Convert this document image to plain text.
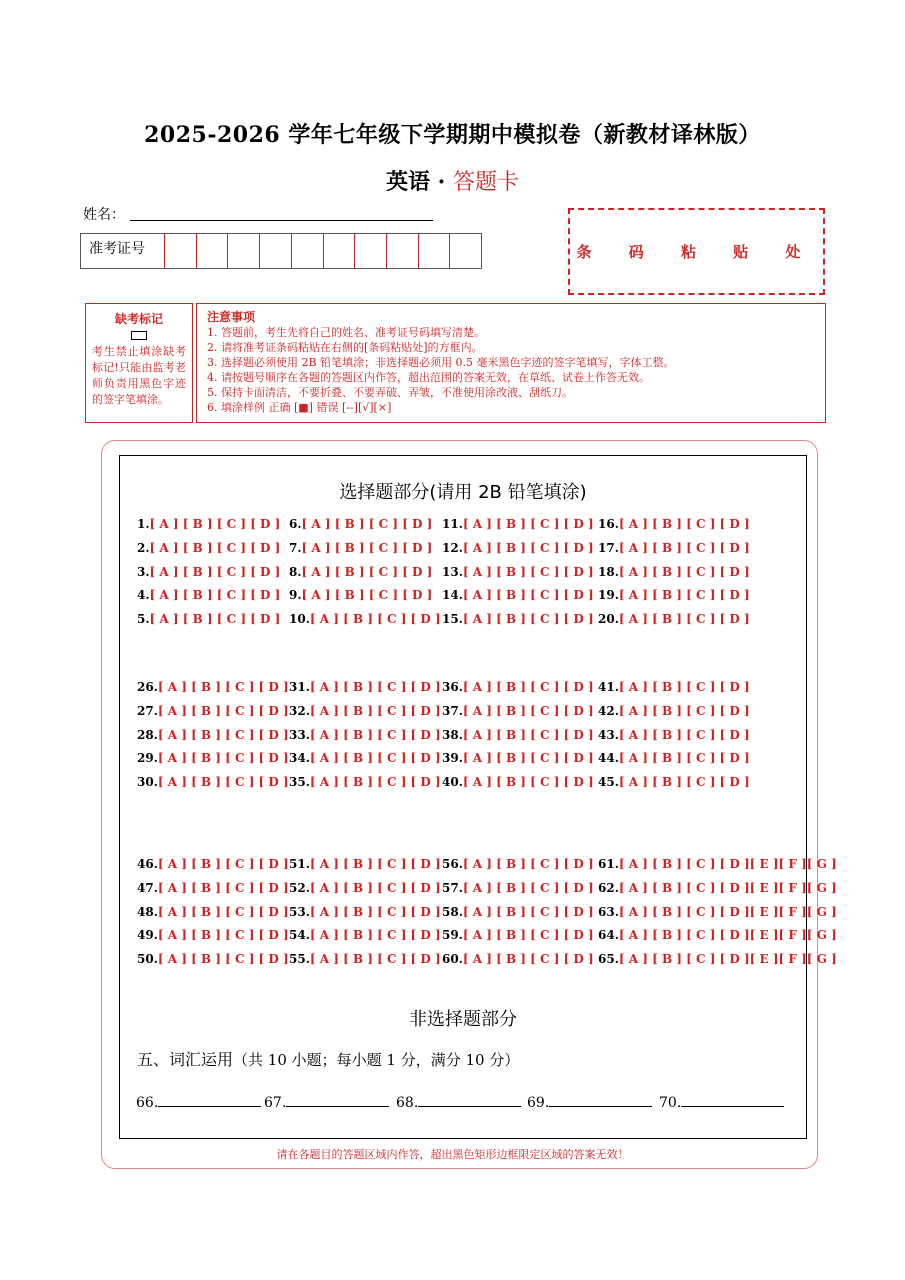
2025-2026 学年七年级下学期期中模拟卷（新教材译林版）
英语 · 答题卡
姓名：
准考证号	条 码 粘 贴 处
缺考标记
考生禁止填涂缺考标记!只能由监考老师负责用黑色字迹的签字笔填涂。
注意事项
1. 答题前，考生先将自己的姓名、准考证号码填写清楚。
2. 请将准考证条码粘贴在右侧的[条码粘贴处]的方框内。
3. 选择题必须使用 2B 铅笔填涂；非选择题必须用 0.5 毫米黑色字迹的签字笔填写，字体工整。
4. 请按题号顺序在各题的答题区内作答，超出范围的答案无效，在草纸、试卷上作答无效。
5. 保持卡面清洁，不要折叠、不要弄破、弄皱，不准使用涂改液、刮纸刀。
6. 填涂样例 正确 [■] 错误 [--][√][×]
选择题部分(请用 2B 铅笔填涂)
1.[ A ] [ B ] [ C ] [ D ]
2.[ A ] [ B ] [ C ] [ D ]
3.[ A ] [ B ] [ C ] [ D ]
4.[ A ] [ B ] [ C ] [ D ]
5.[ A ] [ B ] [ C ] [ D ]
6.[ A ] [ B ] [ C ] [ D ]
7.[ A ] [ B ] [ C ] [ D ]
8.[ A ] [ B ] [ C ] [ D ]
9.[ A ] [ B ] [ C ] [ D ]
10.[ A ] [ B ] [ C ] [ D ]
11.[ A ] [ B ] [ C ] [ D ]
12.[ A ] [ B ] [ C ] [ D ]
13.[ A ] [ B ] [ C ] [ D ]
14.[ A ] [ B ] [ C ] [ D ]
15.[ A ] [ B ] [ C ] [ D ]
16.[ A ] [ B ] [ C ] [ D ]
17.[ A ] [ B ] [ C ] [ D ]
18.[ A ] [ B ] [ C ] [ D ]
19.[ A ] [ B ] [ C ] [ D ]
20.[ A ] [ B ] [ C ] [ D ]
26.[ A ] [ B ] [ C ] [ D ]
27.[ A ] [ B ] [ C ] [ D ]
28.[ A ] [ B ] [ C ] [ D ]
29.[ A ] [ B ] [ C ] [ D ]
30.[ A ] [ B ] [ C ] [ D ]
31.[ A ] [ B ] [ C ] [ D ]
32.[ A ] [ B ] [ C ] [ D ]
33.[ A ] [ B ] [ C ] [ D ]
34.[ A ] [ B ] [ C ] [ D ]
35.[ A ] [ B ] [ C ] [ D ]
36.[ A ] [ B ] [ C ] [ D ]
37.[ A ] [ B ] [ C ] [ D ]
38.[ A ] [ B ] [ C ] [ D ]
39.[ A ] [ B ] [ C ] [ D ]
40.[ A ] [ B ] [ C ] [ D ]
41.[ A ] [ B ] [ C ] [ D ]
42.[ A ] [ B ] [ C ] [ D ]
43.[ A ] [ B ] [ C ] [ D ]
44.[ A ] [ B ] [ C ] [ D ]
45.[ A ] [ B ] [ C ] [ D ]
46.[ A ] [ B ] [ C ] [ D ]
47.[ A ] [ B ] [ C ] [ D ]
48.[ A ] [ B ] [ C ] [ D ]
49.[ A ] [ B ] [ C ] [ D ]
50.[ A ] [ B ] [ C ] [ D ]
51.[ A ] [ B ] [ C ] [ D ]
52.[ A ] [ B ] [ C ] [ D ]
53.[ A ] [ B ] [ C ] [ D ]
54.[ A ] [ B ] [ C ] [ D ]
55.[ A ] [ B ] [ C ] [ D ]
56.[ A ] [ B ] [ C ] [ D ]
57.[ A ] [ B ] [ C ] [ D ]
58.[ A ] [ B ] [ C ] [ D ]
59.[ A ] [ B ] [ C ] [ D ]
60.[ A ] [ B ] [ C ] [ D ]
61.[ A ] [ B ] [ C ] [ D ][ E ][ F ][ G ]
62.[ A ] [ B ] [ C ] [ D ][ E ][ F ][ G ]
63.[ A ] [ B ] [ C ] [ D ][ E ][ F ][ G ]
64.[ A ] [ B ] [ C ] [ D ][ E ][ F ][ G ]
65.[ A ] [ B ] [ C ] [ D ][ E ][ F ][ G ]
非选择题部分
五、词汇运用（共 10 小题；每小题 1 分，满分 10 分）
66.	67.	68.	69.	70.
请在各题目的答题区域内作答，超出黑色矩形边框限定区域的答案无效！
